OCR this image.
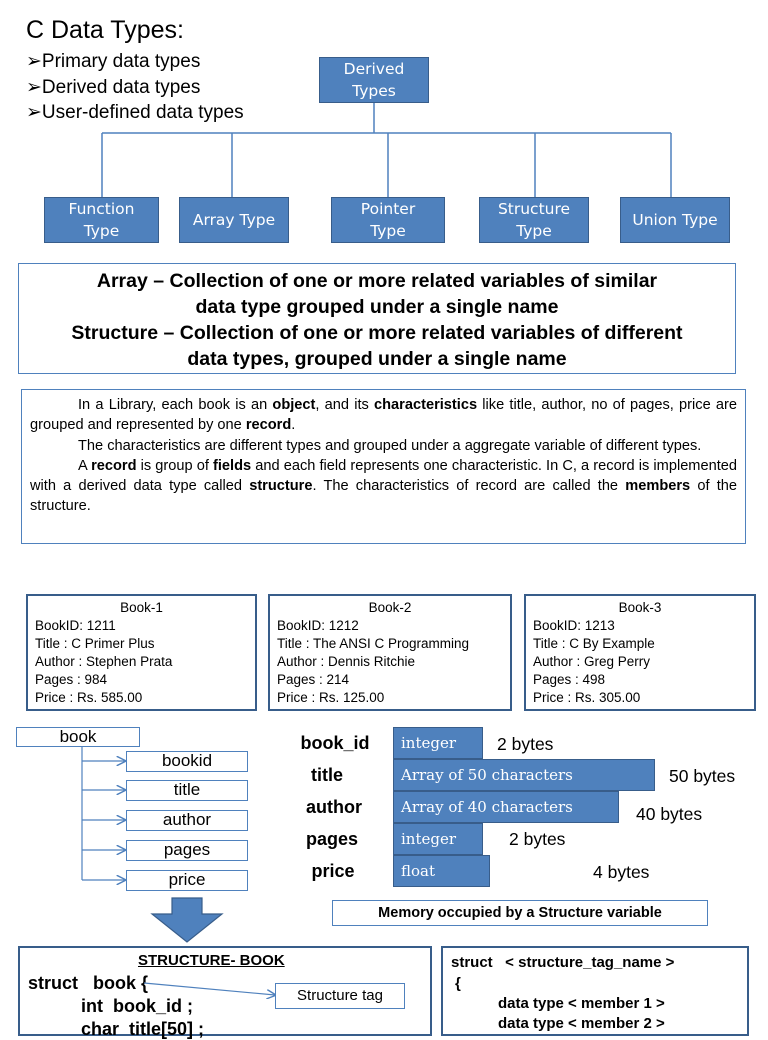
C Data Types:
➢Primary data types
➢Derived data types
➢User-defined data types
Derived
Types
Function
Type
Array Type
Pointer
Type
Structure
Type
Union Type
Array – Collection of one or more related variables of similar
data type grouped under a single name
Structure – Collection of one or more related variables of different
data types, grouped under a single name

In a Library, each book is an object, and its characteristics like title, author, no of pages, price are grouped and represented by one record.

The characteristics are different types and grouped under a aggregate variable of different types.

A record is group of fields and each field represents one characteristic. In C, a record is implemented with a derived data type called structure. The characteristics of record are called the members of the structure.

Book-1
BookID: 1211
Title : C Primer Plus
Author : Stephen Prata
Pages : 984
Price : Rs. 585.00
Book-2
BookID: 1212
Title : The ANSI C Programming
Author : Dennis Ritchie
Pages : 214
Price : Rs. 125.00
Book-3
BookID: 1213
Title : C By Example
Author : Greg Perry
Pages : 498
Price : Rs. 305.00
book
bookid
title
author
pages
price
book_id
title
author
pages
price
integer
Array of 50 characters
Array of 40 characters
integer
float
2 bytes
50 bytes
40 bytes
2 bytes
4 bytes
Memory occupied by a Structure variable
STRUCTURE- BOOK
struct   book {
int  book_id ;
char  title[50] ;
Structure tag
struct   < structure_tag_name >
{
data type < member 1 >
data type < member 2 >
